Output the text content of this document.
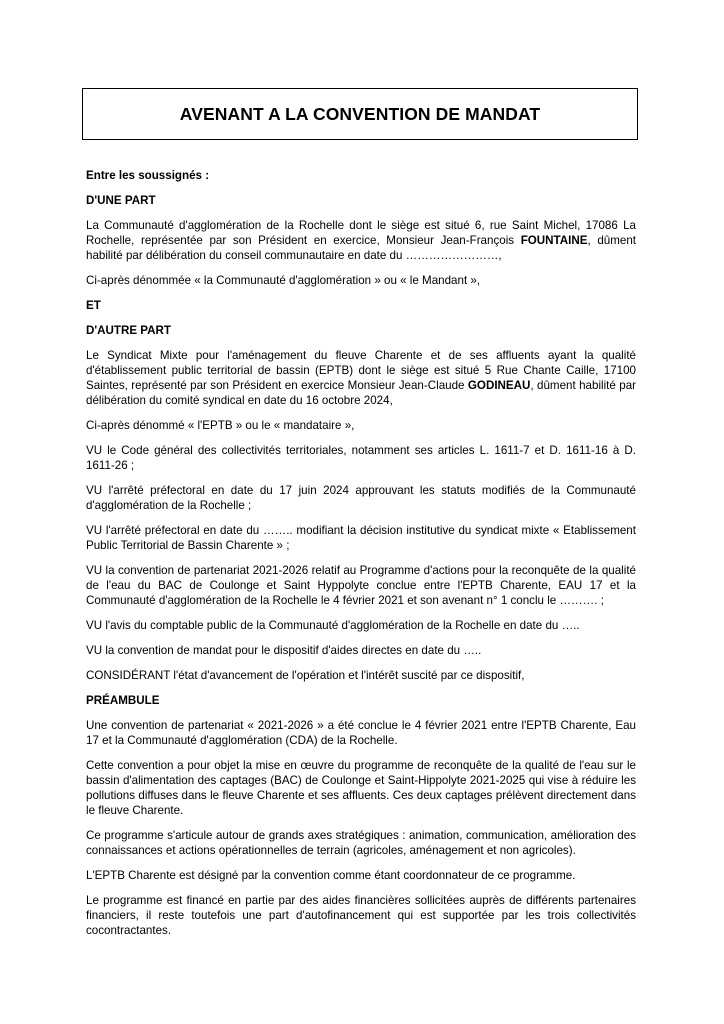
AVENANT A LA CONVENTION DE MANDAT

Entre les soussignés :

D'UNE PART

La Communauté d'agglomération de la Rochelle dont le siège est situé 6, rue Saint Michel, 17086 La Rochelle, représentée par son Président en exercice, Monsieur Jean-François FOUNTAINE, dûment habilité par délibération du conseil communautaire en date du ……………………,

Ci-après dénommée « la Communauté d'agglomération » ou « le Mandant »,

ET

D'AUTRE PART

Le Syndicat Mixte pour l'aménagement du fleuve Charente et de ses affluents ayant la qualité d'établissement public territorial de bassin (EPTB) dont le siège est situé 5 Rue Chante Caille, 17100 Saintes, représenté par son Président en exercice Monsieur Jean-Claude GODINEAU, dûment habilité par délibération du comité syndical en date du 16 octobre 2024,

Ci-après dénommé « l'EPTB » ou le « mandataire »,

VU le Code général des collectivités territoriales, notamment ses articles L. 1611-7 et D. 1611-16 à D. 1611-26 ;

VU l'arrêté préfectoral en date du 17 juin 2024 approuvant les statuts modifiés de la Communauté d'agglomération de la Rochelle ;

VU l'arrêté préfectoral en date du …….. modifiant la décision institutive du syndicat mixte « Etablissement Public Territorial de Bassin Charente » ;

VU la convention de partenariat 2021-2026 relatif au Programme d'actions pour la reconquête de la qualité de l'eau du BAC de Coulonge et Saint Hyppolyte conclue entre l'EPTB Charente, EAU 17 et la Communauté d'agglomération de la Rochelle le 4 février 2021 et son avenant n° 1 conclu le ………. ;

VU l'avis du comptable public de la Communauté d'agglomération de la Rochelle en date du …..

VU la convention de mandat pour le dispositif d'aides directes en date du …..

CONSIDÉRANT l'état d'avancement de l'opération et l'intérêt suscité par ce dispositif,

PRÉAMBULE

Une convention de partenariat « 2021-2026 » a été conclue le 4 février 2021 entre l'EPTB Charente, Eau 17 et la Communauté d'agglomération (CDA) de la Rochelle.

Cette convention a pour objet la mise en œuvre du programme de reconquête de la qualité de l'eau sur le bassin d'alimentation des captages (BAC) de Coulonge et Saint-Hippolyte 2021-2025 qui vise à réduire les pollutions diffuses dans le fleuve Charente et ses affluents. Ces deux captages prélèvent directement dans le fleuve Charente.

Ce programme s'articule autour de grands axes stratégiques : animation, communication, amélioration des connaissances et actions opérationnelles de terrain (agricoles, aménagement et non agricoles).

L'EPTB Charente est désigné par la convention comme étant coordonnateur de ce programme.

Le programme est financé en partie par des aides financières sollicitées auprès de différents partenaires financiers, il reste toutefois une part d'autofinancement qui est supportée par les trois collectivités cocontractantes.
